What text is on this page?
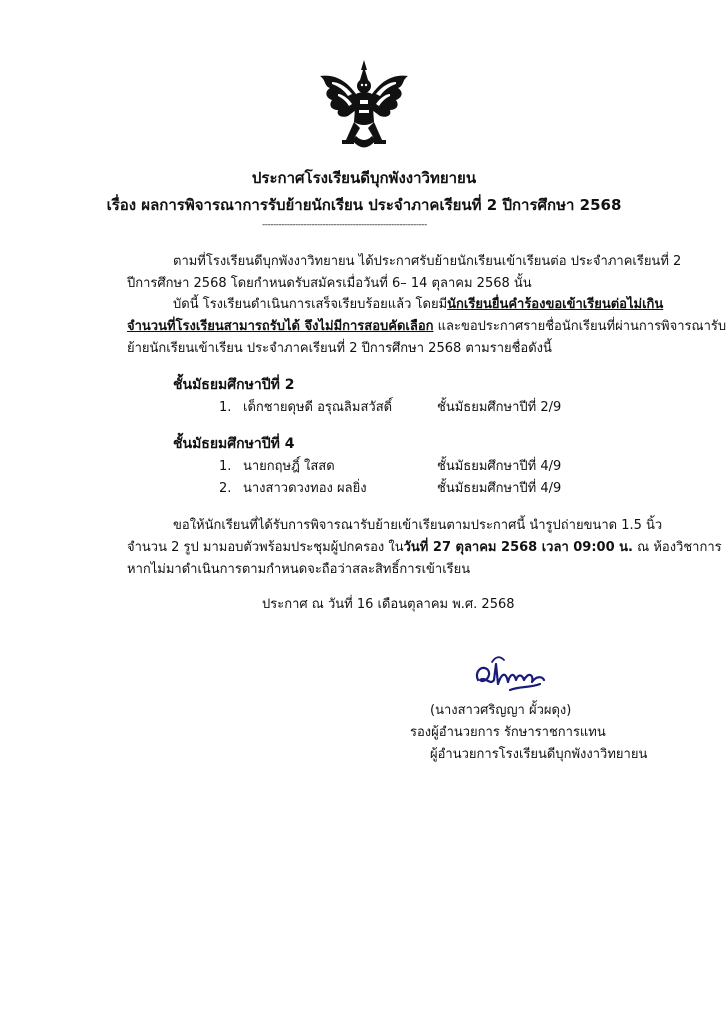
ประกาศโรงเรียนดีบุกพังงาวิทยายน
เรื่อง ผลการพิจารณาการรับย้ายนักเรียน ประจำภาคเรียนที่ 2 ปีการศึกษา 2568
------------------------------------------------------------
ตามที่โรงเรียนดีบุกพังงาวิทยายน ได้ประกาศรับย้ายนักเรียนเข้าเรียนต่อ ประจำภาคเรียนที่ 2
ปีการศึกษา 2568 โดยกำหนดรับสมัครเมื่อวันที่ 6– 14 ตุลาคม 2568 นั้น
บัดนี้ โรงเรียนดำเนินการเสร็จเรียบร้อยแล้ว โดยมีนักเรียนยื่นคำร้องขอเข้าเรียนต่อไม่เกิน
จำนวนที่โรงเรียนสามารถรับได้ จึงไม่มีการสอบคัดเลือก และขอประกาศรายชื่อนักเรียนที่ผ่านการพิจารณารับ
ย้ายนักเรียนเข้าเรียน ประจำภาคเรียนที่ 2 ปีการศึกษา 2568 ตามรายชื่อดังนี้
ชั้นมัธยมศึกษาปีที่ 2
1. เด็กชายดุษดี อรุณลิมสวัสดิ์	ชั้นมัธยมศึกษาปีที่ 2/9
ชั้นมัธยมศึกษาปีที่ 4
1. นายกฤษฎิ์ ใสสด	ชั้นมัธยมศึกษาปีที่ 4/9
2. นางสาวดวงทอง ผลยิ่ง	ชั้นมัธยมศึกษาปีที่ 4/9
ขอให้นักเรียนที่ได้รับการพิจารณารับย้ายเข้าเรียนตามประกาศนี้ นำรูปถ่ายขนาด 1.5 นิ้ว
จำนวน 2 รูป มามอบตัวพร้อมประชุมผู้ปกครอง ในวันที่ 27 ตุลาคม 2568 เวลา 09:00 น. ณ ห้องวิชาการ
หากไม่มาดำเนินการตามกำหนดจะถือว่าสละสิทธิ์การเข้าเรียน
ประกาศ ณ วันที่ 16 เดือนตุลาคม พ.ศ. 2568
(นางสาวศริญญา ผั้วผดุง)
รองผู้อำนวยการ รักษาราชการแทน
ผู้อำนวยการโรงเรียนดีบุกพังงาวิทยายน
